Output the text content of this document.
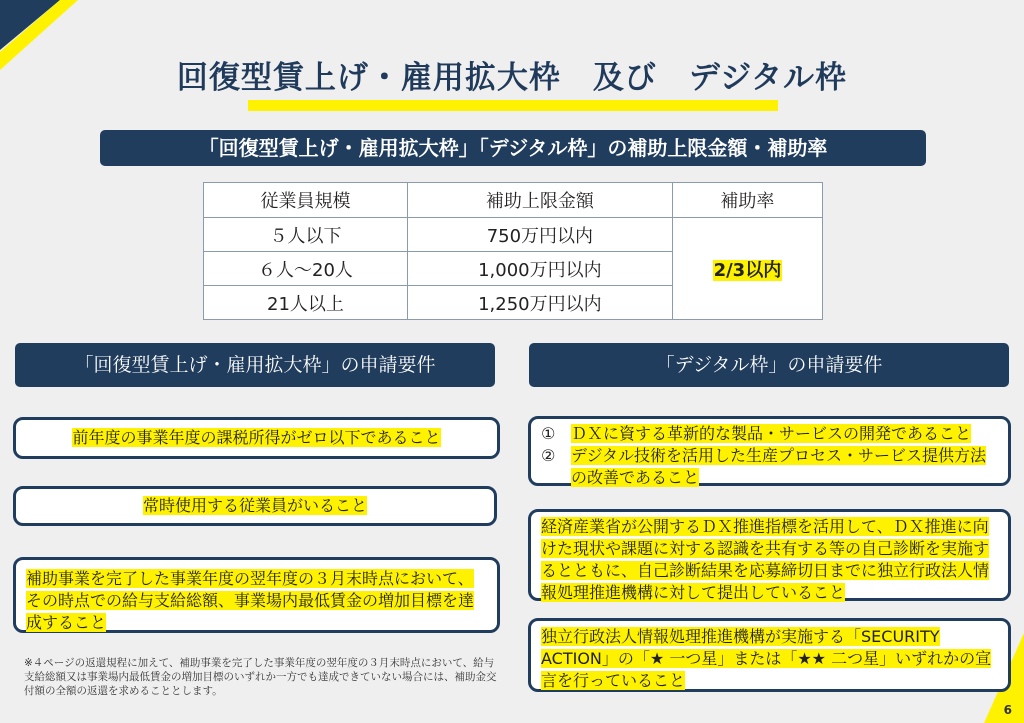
回復型賃上げ・雇用拡大枠　及び　デジタル枠
「回復型賃上げ・雇用拡大枠」「デジタル枠」の補助上限金額・補助率
従業員規模	補助上限金額	補助率
５人以下	750万円以内	2/3以内
６人～20人	1,000万円以内	
21人以上	1,250万円以内	
「回復型賃上げ・雇用拡大枠」の申請要件	「デジタル枠」の申請要件
前年度の事業年度の課税所得がゼロ以下であること
常時使用する従業員がいること
補助事業を完了した事業年度の翌年度の３月末時点において、その時点での給与支給総額、事業場内最低賃金の増加目標を達成すること
① ＤＸに資する革新的な製品・サービスの開発であること
② デジタル技術を活用した生産プロセス・サービス提供方法の改善であること
経済産業省が公開するＤＸ推進指標を活用して、ＤＸ推進に向けた現状や課題に対する認識を共有する等の自己診断を実施するとともに、自己診断結果を応募締切日までに独立行政法人情報処理推進機構に対して提出していること
独立行政法人情報処理推進機構が実施する「SECURITY ACTION」の「★ 一つ星」または「★★ 二つ星」いずれかの宣言を行っていること
※４ページの返還規程に加えて、補助事業を完了した事業年度の翌年度の３月末時点において、給与支給総額又は事業場内最低賃金の増加目標のいずれか一方でも達成できていない場合には、補助金交付額の全額の返還を求めることとします。
6
